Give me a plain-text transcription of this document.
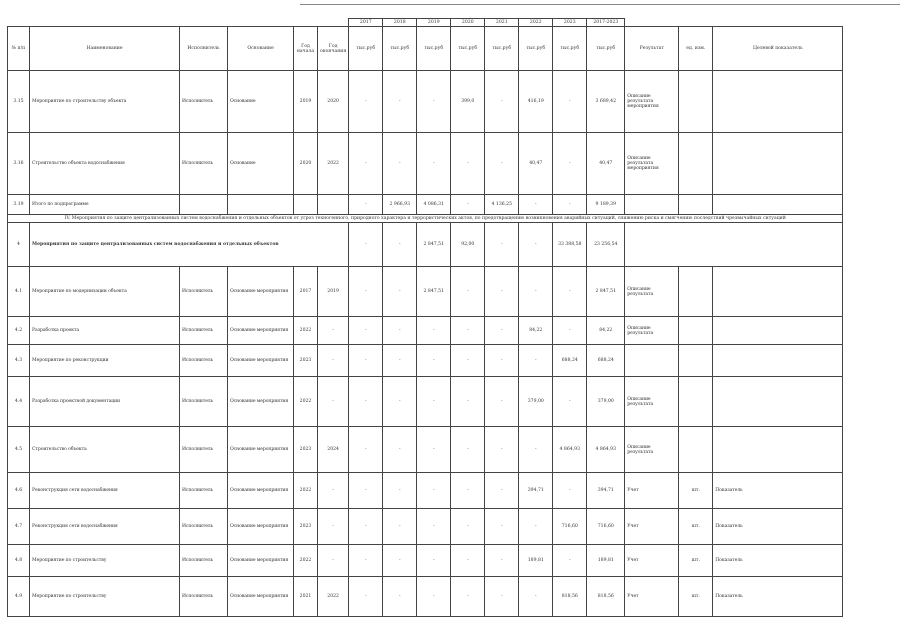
						2017	2018	2019	2020	2021	2022	2023	2017-2023			
№ п/п	Наименование	Исполнитель	Основание	Год начала	Год окончания	тыс.руб	тыс.руб	тыс.руб	тыс.руб	тыс.руб	тыс.руб	тыс.руб	тыс.руб	Результат	ед. изм.	Целевой показатель
3.15	Мероприятие по строительству объекта	Исполнитель	Основание	2019	2020	-	-	-	399,0	-	416,19	-	3 689,42	Описание результата мероприятия		
3.16	Строительство объекта водоснабжения	Исполнитель	Основание	2020	2022	-	-	-	-	-	40,47	-	40,47	Описание результата мероприятия		
3.19	Итого по подпрограмме					-	2 966,93	4 086,31	-	4 136,25	-	-	9 189,39			
IV. Мероприятия по защите централизованных систем водоснабжения и отдельных объектов от угроз техногенного, природного характера и террористических актов, по предотвращению возникновения аварийных ситуаций, снижению риска и смягчению последствий чрезвычайных ситуаций																
4	Мероприятия по защите централизованных систем водоснабжения и отдельных объектов					-	-	2 847,51	92,00	-	-	33 388,58	23 256,54			
4.1	Мероприятие по модернизации объекта	Исполнитель	Основание мероприятия	2017	2019	-	-	2 847,51	-	-	-	-	2 847,51	Описание результата		
4.2	Разработка проекта	Исполнитель	Основание мероприятия	2022	-	-	-	-	-	-	84,22	-	84,22	Описание результата		
4.3	Мероприятие по реконструкции	Исполнитель	Основание мероприятия	2023	-	-	-	-	-	-	-	688,24	688,24			
4.4	Разработка проектной документации	Исполнитель	Основание мероприятия	2022	-	-	-	-	-	-	379,00	-	379,00	Описание результата		
4.5	Строительство объекта	Исполнитель	Основание мероприятия	2023	2024	-	-	-	-	-	-	4 864,93	4 864,93	Описание результата		
4.6	Реконструкция сети водоснабжения	Исполнитель	Основание мероприятия	2022	-	-	-	-	-	-	394,71	-	394,71	Учет	шт.	Показатель
4.7	Реконструкция сети водоснабжения	Исполнитель	Основание мероприятия	2023	-	-	-	-	-	-	-	716,60	716,60	Учет	шт.	Показатель
4.8	Мероприятие по строительству	Исполнитель	Основание мероприятия	2022	-	-	-	-	-	-	189,81	-	189,81	Учет	шт.	Показатель
4.9	Мероприятие по строительству	Исполнитель	Основание мероприятия	2021	2022	-	-	-	-	-	-	818,56	818,56	Учет	шт.	Показатель
